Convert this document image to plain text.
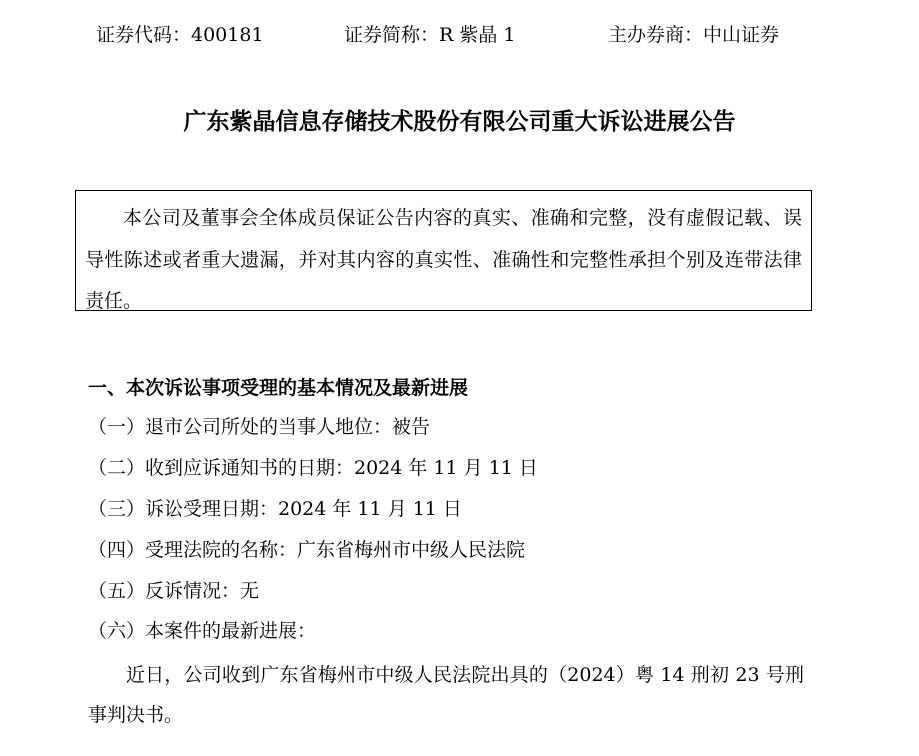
证券代码：400181	证券简称：R 紫晶 1	主办券商：中山证券
广东紫晶信息存储技术股份有限公司重大诉讼进展公告
本公司及董事会全体成员保证公告内容的真实、准确和完整，没有虚假记载、误导性陈述或者重大遗漏，并对其内容的真实性、准确性和完整性承担个别及连带法律责任。
一、本次诉讼事项受理的基本情况及最新进展
（一）退市公司所处的当事人地位：被告
（二）收到应诉通知书的日期：2024 年 11 月 11 日
（三）诉讼受理日期：2024 年 11 月 11 日
（四）受理法院的名称：广东省梅州市中级人民法院
（五）反诉情况：无
（六）本案件的最新进展：
近日，公司收到广东省梅州市中级人民法院出具的（2024）粤 14 刑初 23 号刑事判决书。
